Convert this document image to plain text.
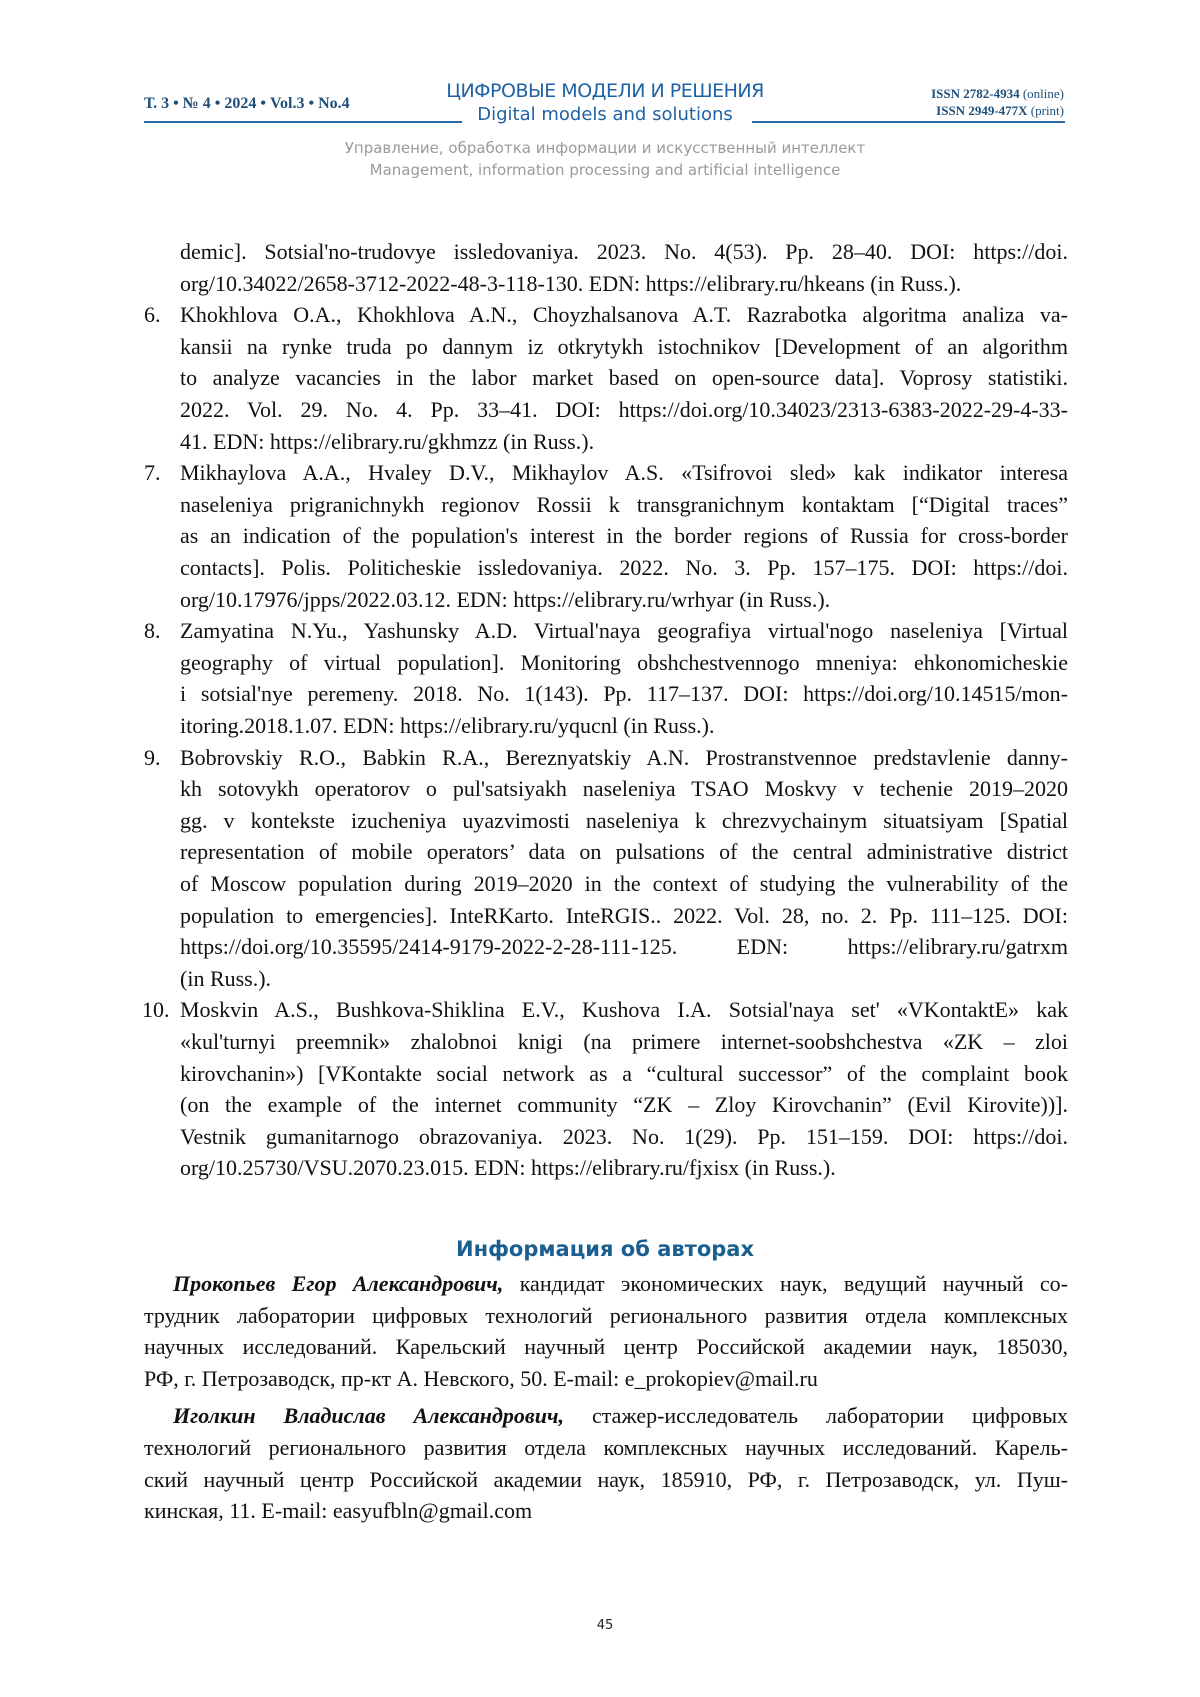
Т. 3 • № 4 • 2024 • Vol.3 • No.4
ЦИФРОВЫЕ МОДЕЛИ И РЕШЕНИЯ
Digital models and solutions
ISSN 2782-4934 (online)
ISSN 2949-477X (print)
Управление, обработка информации и искусственный интеллект
Management, information processing and artificial intelligence
demic]. Sotsial'no-trudovye issledovaniya. 2023. No. 4(53). Pp. 28–40. DOI: https://doi.
org/10.34022/2658-3712-2022-48-3-118-130. EDN: https://elibrary.ru/hkeans (in Russ.).
6. Khokhlova O.A., Khokhlova A.N., Choyzhalsanova A.T. Razrabotka algoritma analiza va-
kansii na rynke truda po dannym iz otkrytykh istochnikov [Development of an algorithm
to analyze vacancies in the labor market based on open-source data]. Voprosy statistiki.
2022. Vol. 29. No. 4. Pp. 33–41. DOI: https://doi.org/10.34023/2313-6383-2022-29-4-33-
41. EDN: https://elibrary.ru/gkhmzz (in Russ.).
7. Mikhaylova A.A., Hvaley D.V., Mikhaylov A.S. «Tsifrovoi sled» kak indikator interesa
naseleniya prigranichnykh regionov Rossii k transgranichnym kontaktam [“Digital traces”
as an indication of the population's interest in the border regions of Russia for cross-border
contacts]. Polis. Politicheskie issledovaniya. 2022. No. 3. Pp. 157–175. DOI: https://doi.
org/10.17976/jpps/2022.03.12. EDN: https://elibrary.ru/wrhyar (in Russ.).
8. Zamyatina N.Yu., Yashunsky A.D. Virtual'naya geografiya virtual'nogo naseleniya [Virtual
geography of virtual population]. Monitoring obshchestvennogo mneniya: ehkonomicheskie
i sotsial'nye peremeny. 2018. No. 1(143). Pp. 117–137. DOI: https://doi.org/10.14515/mon-
itoring.2018.1.07. EDN: https://elibrary.ru/yqucnl (in Russ.).
9. Bobrovskiy R.O., Babkin R.A., Bereznyatskiy A.N. Prostranstvennoe predstavlenie danny-
kh sotovykh operatorov o pul'satsiyakh naseleniya TSAO Moskvy v techenie 2019–2020
gg. v kontekste izucheniya uyazvimosti naseleniya k chrezvychainym situatsiyam [Spatial
representation of mobile operators’ data on pulsations of the central administrative district
of Moscow population during 2019–2020 in the context of studying the vulnerability of the
population to emergencies]. InteRKarto. InteRGIS.. 2022. Vol. 28, no. 2. Pp. 111–125. DOI:
https://doi.org/10.35595/2414-9179-2022-2-28-111-125. EDN: https://elibrary.ru/gatrxm
(in Russ.).
10. Moskvin A.S., Bushkova-Shiklina E.V., Kushova I.A. Sotsial'naya set' «VKontaktE» kak
«kul'turnyi preemnik» zhalobnoi knigi (na primere internet-soobshchestva «ZK – zloi
kirovchanin») [VKontakte social network as a “cultural successor” of the complaint book
(on the example of the internet community “ZK – Zloy Kirovchanin” (Evil Kirovite))].
Vestnik gumanitarnogo obrazovaniya. 2023. No. 1(29). Pp. 151–159. DOI: https://doi.
org/10.25730/VSU.2070.23.015. EDN: https://elibrary.ru/fjxisx (in Russ.).
Информация об авторах
Прокопьев Егор Александрович, кандидат экономических наук, ведущий научный со-
трудник лаборатории цифровых технологий регионального развития отдела комплексных
научных исследований. Карельский научный центр Российской академии наук, 185030,
РФ, г. Петрозаводск, пр-кт А. Невского, 50. E-mail: e_prokopiev@mail.ru
Иголкин Владислав Александрович, стажер-исследователь лаборатории цифровых
технологий регионального развития отдела комплексных научных исследований. Карель-
ский научный центр Российской академии наук, 185910, РФ, г. Петрозаводск, ул. Пуш-
кинская, 11. E-mail: easyufbln@gmail.com
45
